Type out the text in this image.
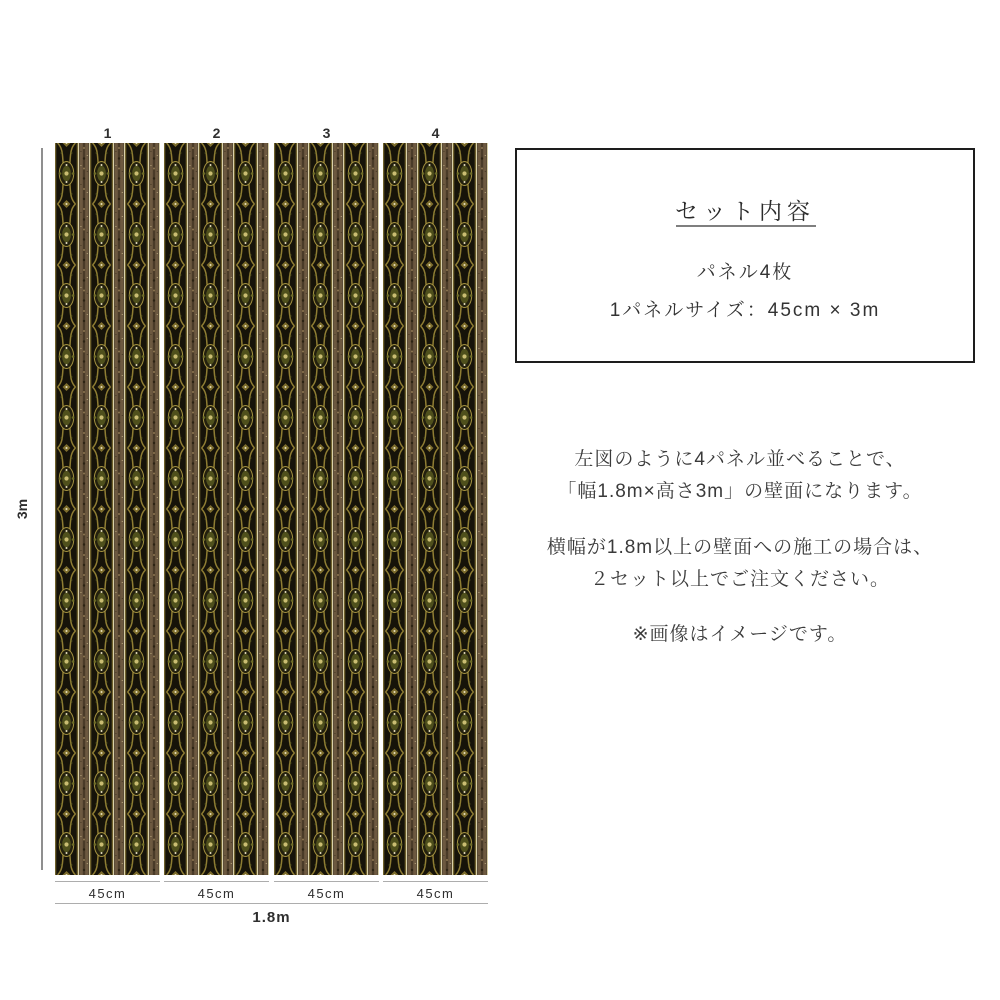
1	2	3	4
3m
45cm	45cm	45cm	45cm
1.8m
セット内容
パネル4枚
1パネルサイズ：45cm × 3m
左図のように4パネル並べることで、
「幅1.8m×高さ3m」の壁面になります。
横幅が1.8m以上の壁面への施工の場合は、
２セット以上でご注文ください。
※画像はイメージです。
